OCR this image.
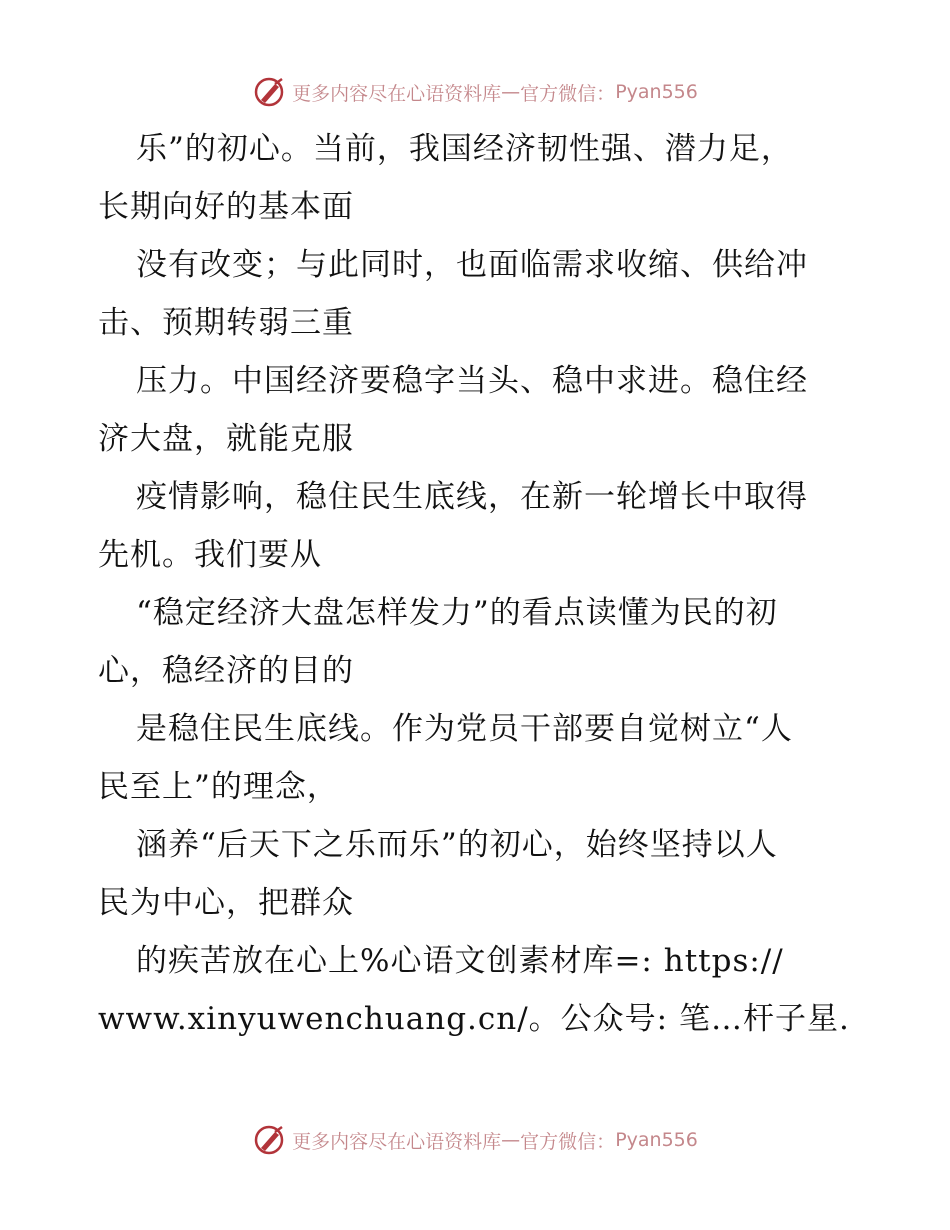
更多内容尽在心语资料库 — 官方微信： Pyan556
乐”的初心。当前，我国经济韧性强、潜力足，
长期向好的基本面
没有改变；与此同时，也面临需求收缩、供给冲
击、预期转弱三重
压力。中国经济要稳字当头、稳中求进。稳住经
济大盘，就能克服
疫情影响，稳住民生底线，在新一轮增长中取得
先机。我们要从
“稳定经济大盘怎样发力”的看点读懂为民的初
心，稳经济的目的
是稳住民生底线。作为党员干部要自觉树立“人
民至上”的理念，
涵养“后天下之乐而乐”的初心，始终坚持以人
民为中心，把群众
的疾苦放在心上%心语文创素材库=: https://
www.xinyuwenchuang.cn/。公众号: 笔…杆子星.
更多内容尽在心语资料库 — 官方微信： Pyan556
